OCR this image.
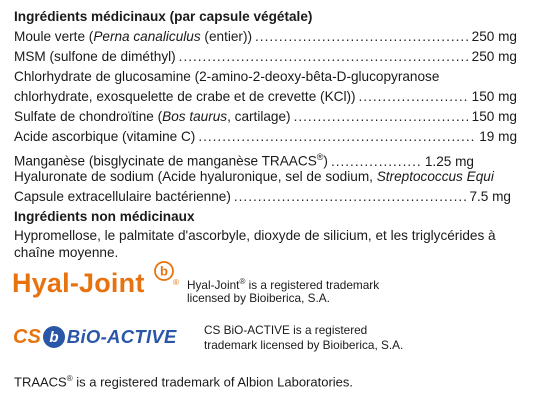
Ingrédients médicinaux (par capsule végétale)
Moule verte (Perna canaliculus (entier)) .....	250 mg
MSM (sulfone de diméthyl) .....	250 mg
Chlorhydrate de glucosamine (2-amino-2-deoxy-bêta-D-glucopyranose
chlorhydrate, exosquelette de crabe et de crevette (KCl)) .....	150 mg
Sulfate de chondroïtine (Bos taurus, cartilage) .....	150 mg
Acide ascorbique (vitamine C) .....	19 mg
Manganèse (bisglycinate de manganèse TRAACS®) .....	1.25 mg
Hyaluronate de sodium (Acide hyaluronique, sel de sodium, Streptococcus Equi
Capsule extracellulaire bactérienne) .....	7.5 mg
Ingrédients non médicinaux
Hypromellose, le palmitate d'ascorbyle, dioxyde de silicium, et les triglycérides à chaîne moyenne.
Hyal-Joint b
® Hyal-Joint® is a registered trademark
licensed by Bioiberica, S.A.
CS b BiO-ACTIVE CS BiO-ACTIVE is a registered
trademark licensed by Bioiberica, S.A.
TRAACS® is a registered trademark of Albion Laboratories.
